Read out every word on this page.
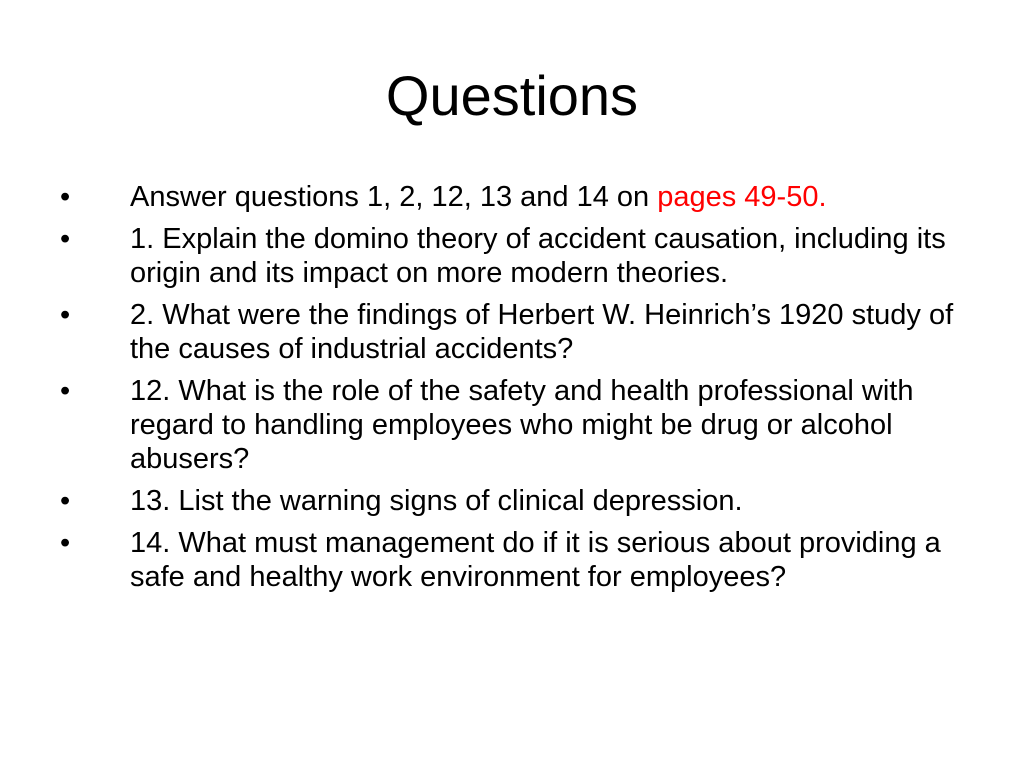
Questions
•	Answer questions 1, 2, 12, 13 and 14 on pages 49-50.
•	1. Explain the domino theory of accident causation, including its origin and its impact on more modern theories.
•	2. What were the findings of Herbert W. Heinrich’s 1920 study of the causes of industrial accidents?
•	12. What is the role of the safety and health professional with regard to handling employees who might be drug or alcohol abusers?
•	13. List the warning signs of clinical depression.
•	14. What must management do if it is serious about providing a safe and healthy work environment for employees?
